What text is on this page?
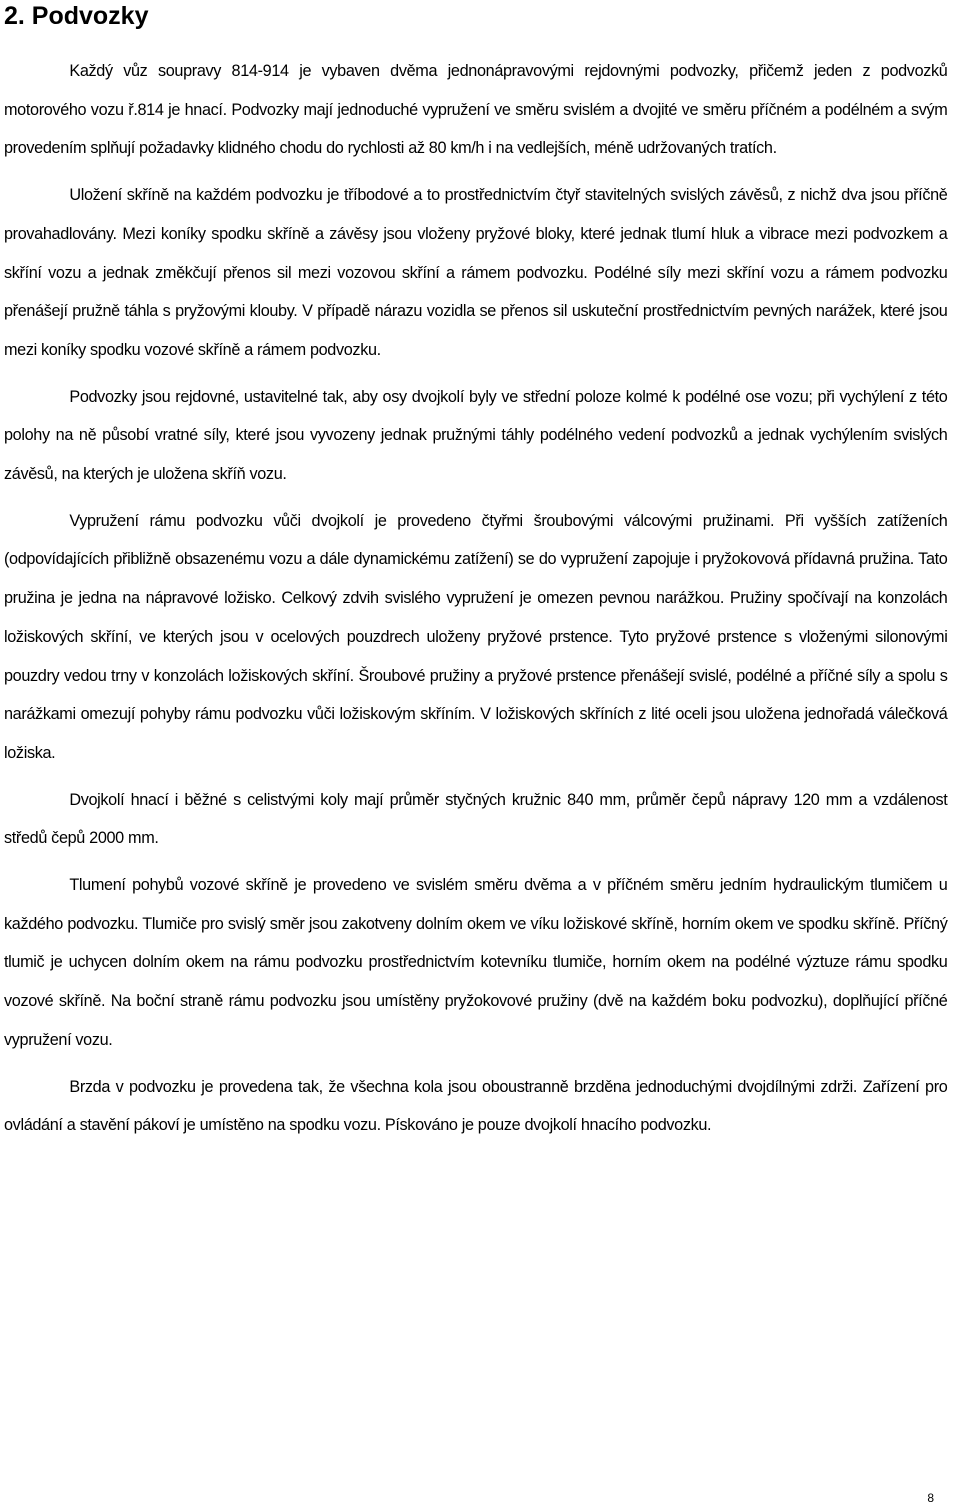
2. Podvozky

Každý vůz soupravy 814-914 je vybaven dvěma jednonápravovými rejdovnými podvozky, přičemž jeden z podvozků motorového vozu ř.814 je hnací. Podvozky mají jednoduché vypružení ve směru svislém a dvojité ve směru příčném a podélném a svým provedením splňují požadavky klidného chodu do rychlosti až 80 km/h i na vedlejších, méně udržovaných tratích.

Uložení skříně na každém podvozku je tříbodové a to prostřednictvím čtyř stavitelných svislých závěsů, z nichž dva jsou příčně provahadlovány. Mezi koníky spodku skříně a závěsy jsou vloženy pryžové bloky, které jednak tlumí hluk a vibrace mezi podvozkem a skříní vozu a jednak změkčují přenos sil mezi vozovou skříní a rámem podvozku. Podélné síly mezi skříní vozu a rámem podvozku přenášejí pružně táhla s pryžovými klouby. V případě nárazu vozidla se přenos sil uskuteční prostřednictvím pevných narážek, které jsou mezi koníky spodku vozové skříně a rámem podvozku.

Podvozky jsou rejdovné, ustavitelné tak, aby osy dvojkolí byly ve střední poloze kolmé k podélné ose vozu; při vychýlení z této polohy na ně působí vratné síly, které jsou vyvozeny jednak pružnými táhly podélného vedení podvozků a jednak vychýlením svislých závěsů, na kterých je uložena skříň vozu.

Vypružení rámu podvozku vůči dvojkolí je provedeno čtyřmi šroubovými válcovými pružinami. Při vyšších zatíženích (odpovídajících přibližně obsazenému vozu a dále dynamickému zatížení) se do vypružení zapojuje i pryžokovová přídavná pružina. Tato pružina je jedna na nápravové ložisko. Celkový zdvih svislého vypružení je omezen pevnou narážkou. Pružiny spočívají na konzolách ložiskových skříní, ve kterých jsou v ocelových pouzdrech uloženy pryžové prstence. Tyto pryžové prstence s vloženými silonovými pouzdry vedou trny v konzolách ložiskových skříní. Šroubové pružiny a pryžové prstence přenášejí svislé, podélné a příčné síly a spolu s narážkami omezují pohyby rámu podvozku vůči ložiskovým skříním. V ložiskových skříních z lité oceli jsou uložena jednořadá válečková ložiska.

Dvojkolí hnací i běžné s celistvými koly mají průměr styčných kružnic 840 mm, průměr čepů nápravy 120 mm a vzdálenost středů čepů 2000 mm.

Tlumení pohybů vozové skříně je provedeno ve svislém směru dvěma a v příčném směru jedním hydraulickým tlumičem u každého podvozku. Tlumiče pro svislý směr jsou zakotveny dolním okem ve víku ložiskové skříně, horním okem ve spodku skříně. Příčný tlumič je uchycen dolním okem na rámu podvozku prostřednictvím kotevníku tlumiče, horním okem na podélné výztuze rámu spodku vozové skříně. Na boční straně rámu podvozku jsou umístěny pryžokovové pružiny (dvě na každém boku podvozku), doplňující příčné vypružení vozu.

Brzda v podvozku je provedena tak, že všechna kola jsou oboustranně brzděna jednoduchými dvojdílnými zdrži. Zařízení pro ovládání a stavění pákoví je umístěno na spodku vozu. Pískováno je pouze dvojkolí hnacího podvozku.

8
